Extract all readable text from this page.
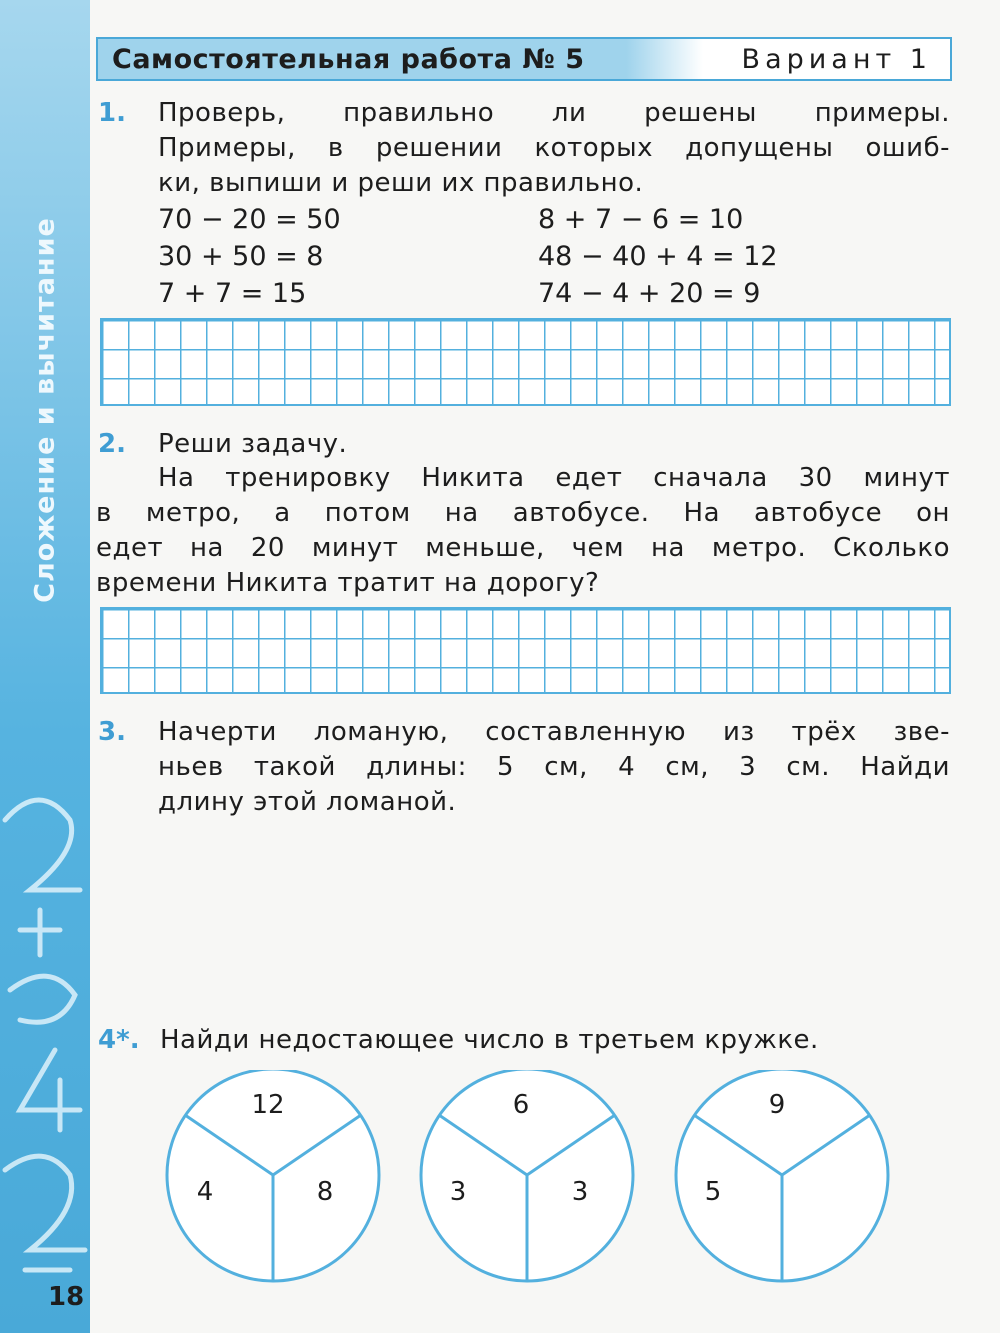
Сложение и вычитание
18
Самостоятельная работа № 5	Вариант 1
1. Проверь, правильно ли решены примеры.
Примеры, в решении которых допущены ошиб-
ки, выпиши и реши их правильно.
70 − 20 = 50
30 + 50 = 8
7 + 7 = 15
8 + 7 − 6 = 10
48 − 40 + 4 = 12
74 − 4 + 20 = 9
2. Реши задачу.
На тренировку Никита едет сначала 30 минут
в метро, а потом на автобусе. На автобусе он
едет на 20 минут меньше, чем на метро. Сколько
времени Никита тратит на дорогу?
3. Начерти ломаную, составленную из трёх зве-
ньев такой длины: 5 см, 4 см, 3 см. Найди
длину этой ломаной.
4*. Найди недостающее число в третьем кружке.
12
4	8
6
3	3
9
5
